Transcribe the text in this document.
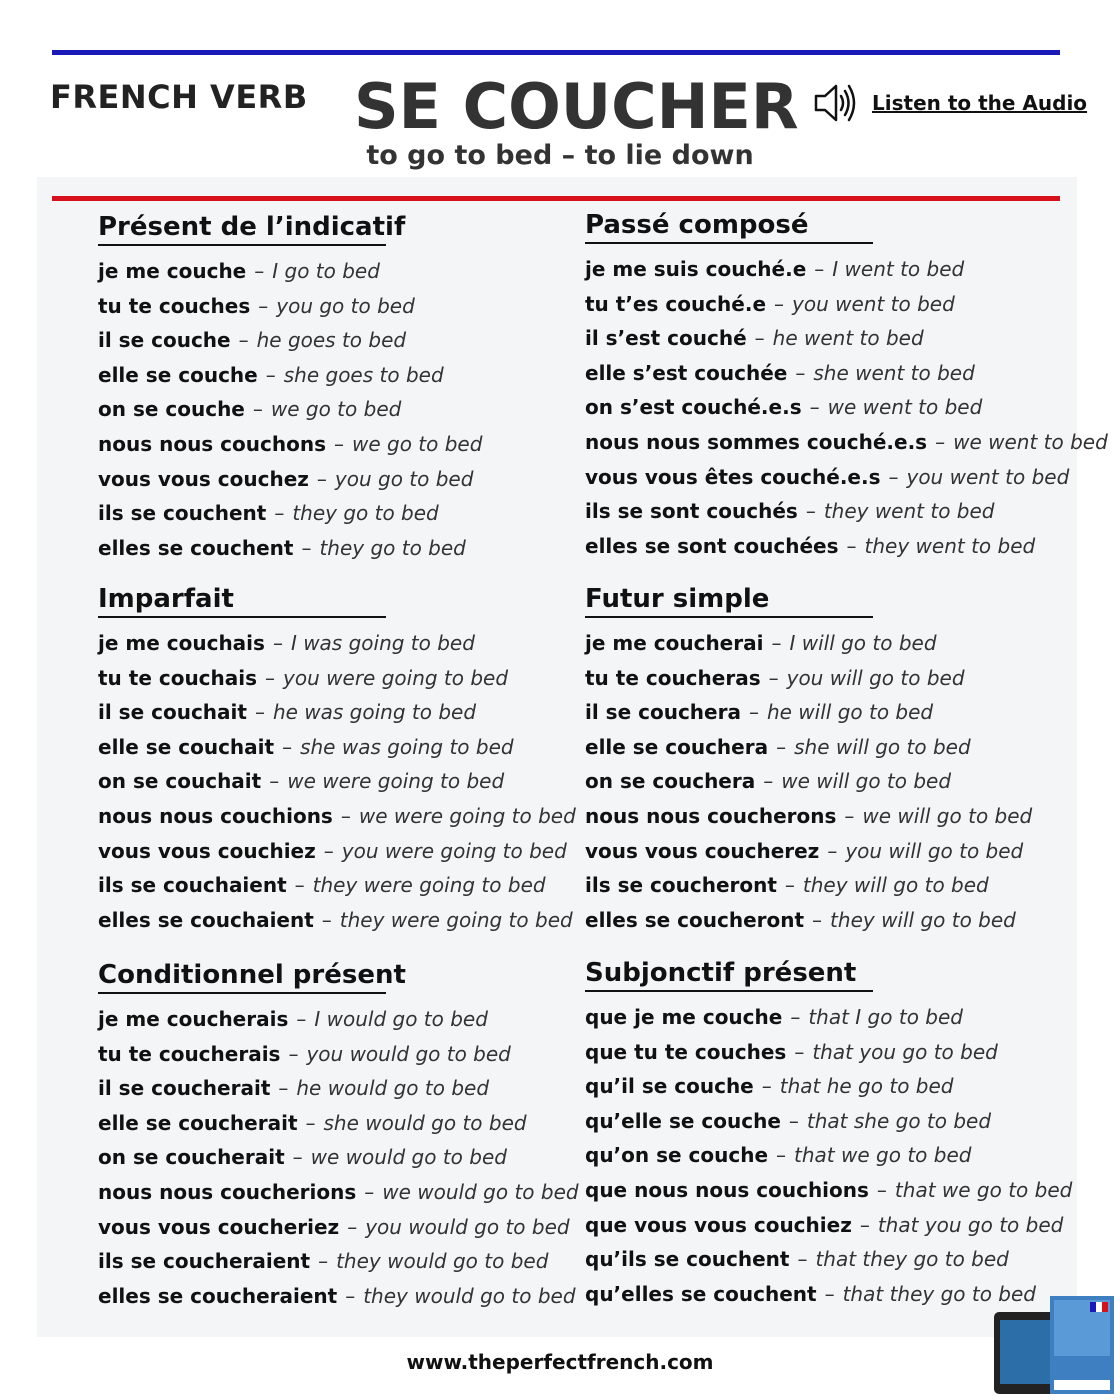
FRENCH VERB SE COUCHER	Listen to the Audio
to go to bed – to lie down
Présent de l’indicatif
je me couche – I go to bed
tu te couches – you go to bed
il se couche – he goes to bed
elle se couche – she goes to bed
on se couche – we go to bed
nous nous couchons – we go to bed
vous vous couchez – you go to bed
ils se couchent – they go to bed
elles se couchent – they go to bed
Passé composé
je me suis couché.e – I went to bed
tu t’es couché.e – you went to bed
il s’est couché – he went to bed
elle s’est couchée – she went to bed
on s’est couché.e.s – we went to bed
nous nous sommes couché.e.s – we went to bed
vous vous êtes couché.e.s – you went to bed
ils se sont couchés – they went to bed
elles se sont couchées – they went to bed
Imparfait
je me couchais – I was going to bed
tu te couchais – you were going to bed
il se couchait – he was going to bed
elle se couchait – she was going to bed
on se couchait – we were going to bed
nous nous couchions – we were going to bed
vous vous couchiez – you were going to bed
ils se couchaient – they were going to bed
elles se couchaient – they were going to bed
Futur simple
je me coucherai – I will go to bed
tu te coucheras – you will go to bed
il se couchera – he will go to bed
elle se couchera – she will go to bed
on se couchera – we will go to bed
nous nous coucherons – we will go to bed
vous vous coucherez – you will go to bed
ils se coucheront – they will go to bed
elles se coucheront – they will go to bed
Conditionnel présent
je me coucherais – I would go to bed
tu te coucherais – you would go to bed
il se coucherait – he would go to bed
elle se coucherait – she would go to bed
on se coucherait – we would go to bed
nous nous coucherions – we would go to bed
vous vous coucheriez – you would go to bed
ils se coucheraient – they would go to bed
elles se coucheraient – they would go to bed
Subjonctif présent
que je me couche – that I go to bed
que tu te couches – that you go to bed
qu’il se couche – that he go to bed
qu’elle se couche – that she go to bed
qu’on se couche – that we go to bed
que nous nous couchions – that we go to bed
que vous vous couchiez – that you go to bed
qu’ils se couchent – that they go to bed
qu’elles se couchent – that they go to bed
www.theperfectfrench.com
